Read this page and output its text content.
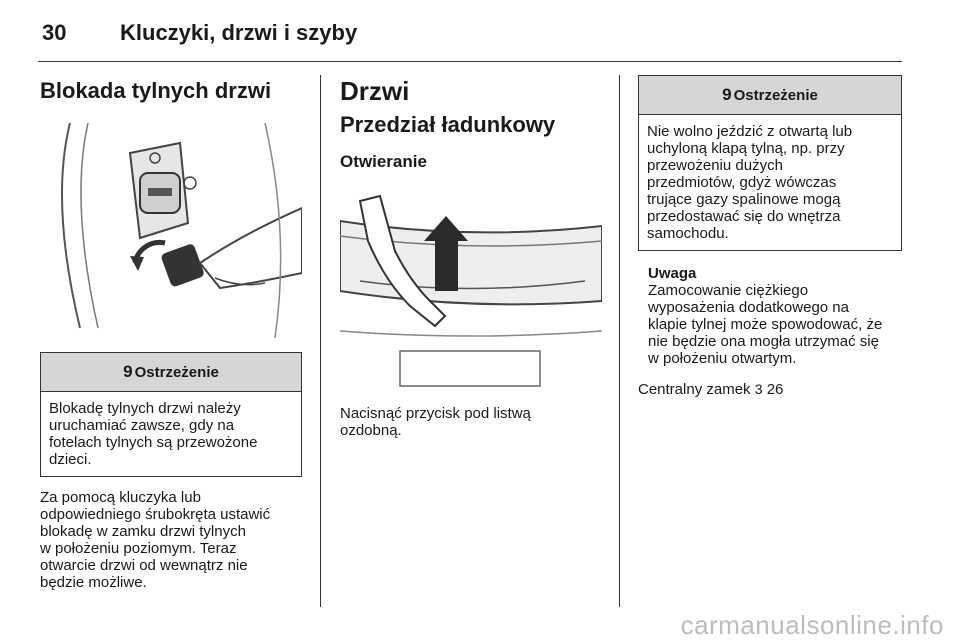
30 Kluczyki, drzwi i szyby
Blokada tylnych drzwi
9 Ostrzeżenie
Blokadę tylnych drzwi należy
uruchamiać zawsze, gdy na
fotelach tylnych są przewożone
dzieci.

Za pomocą kluczyka lub

odpowiedniego śrubokręta ustawić

blokadę w zamku drzwi tylnych

w położeniu poziomym. Teraz

otwarcie drzwi od wewnątrz nie

będzie możliwe.

Drzwi
Przedział ładunkowy
Otwieranie

Nacisnąć przycisk pod listwą

ozdobną.

9 Ostrzeżenie
Nie wolno jeździć z otwartą lub
uchyloną klapą tylną, np. przy
przewożeniu dużych
przedmiotów, gdyż wówczas
trujące gazy spalinowe mogą
przedostawać się do wnętrza
samochodu.
Uwaga
Zamocowanie ciężkiego
wyposażenia dodatkowego na
klapie tylnej może spowodować, że
nie będzie ona mogła utrzymać się
w położeniu otwartym.
Centralny zamek 3 26
carmanualsonline.info
